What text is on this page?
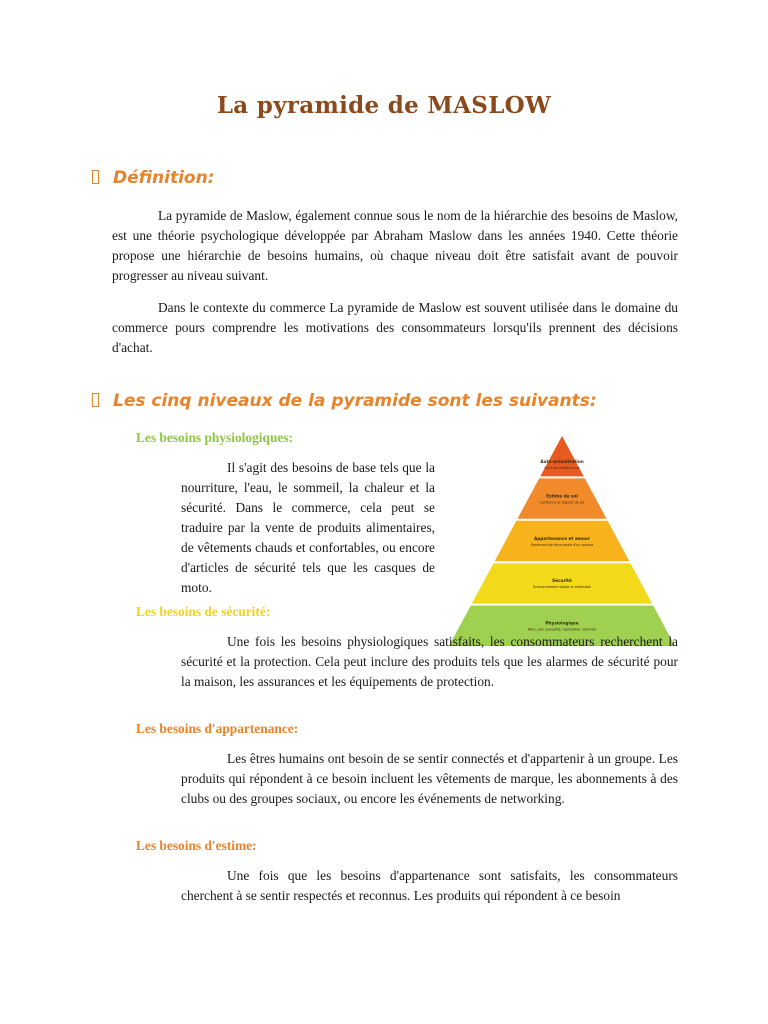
La pyramide de MASLOW
Définition:

La pyramide de Maslow, également connue sous le nom de la hiérarchie des besoins de Maslow, est une théorie psychologique développée par Abraham Maslow dans les années 1940. Cette théorie propose une hiérarchie de besoins humains, où chaque niveau doit être satisfait avant de pouvoir progresser au niveau suivant.

Dans le contexte du commerce La pyramide de Maslow est souvent utilisée dans le domaine du commerce pours comprendre les motivations des consommateurs lorsqu'ils prennent des décisions d'achat.

Les cinq niveaux de la pyramide sont les suivants:
Les besoins physiologiques:

Il s'agit des besoins de base tels que la nourriture, l'eau, le sommeil, la chaleur et la sécurité. Dans le commerce, cela peut se traduire par la vente de produits alimentaires, de vêtements chauds et confortables, ou encore d'articles de sécurité tels que les casques de moto.

Auto-actualisation
Vivre sa meilleure vie
Estime de soi
Confiance et respect de soi
Appartenance et amour
Sentiment de faire partie d'un groupe
Sécurité
Environnement stable et prévisible
Physiologique
Faim, soif, sexualité, respiration, sommeil
Les besoins de sécurité:

Une fois les besoins physiologiques satisfaits, les consommateurs recherchent la sécurité et la protection. Cela peut inclure des produits tels que les alarmes de sécurité pour la maison, les assurances et les équipements de protection.

Les besoins d'appartenance:

Les êtres humains ont besoin de se sentir connectés et d'appartenir à un groupe. Les produits qui répondent à ce besoin incluent les vêtements de marque, les abonnements à des clubs ou des groupes sociaux, ou encore les événements de networking.

Les besoins d'estime:

Une fois que les besoins d'appartenance sont satisfaits, les consommateurs cherchent à se sentir respectés et reconnus. Les produits qui répondent à ce besoin
